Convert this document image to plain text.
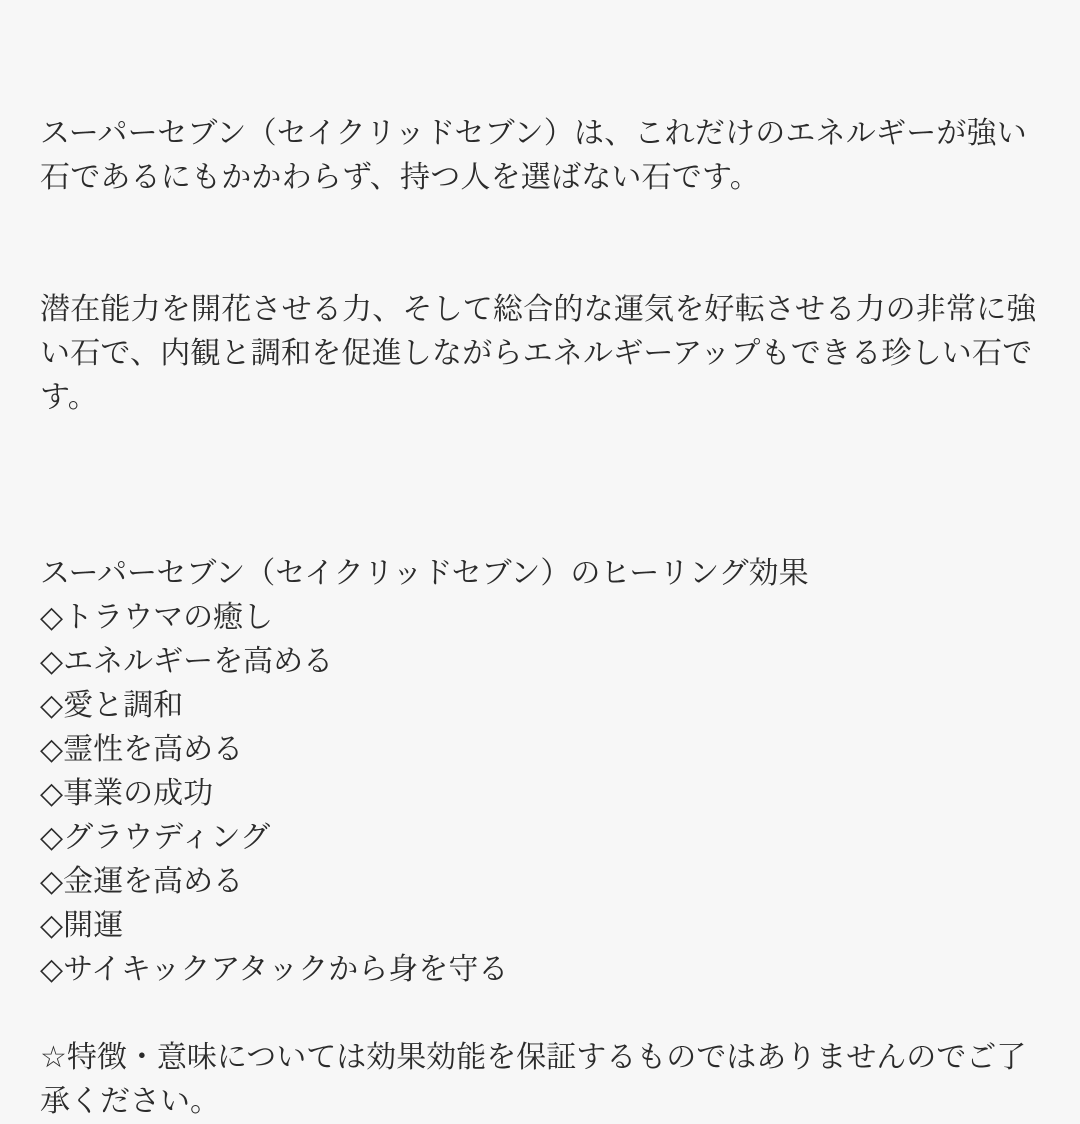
スーパーセブン（セイクリッドセブン）は、これだけのエネルギーが強い石であるにもかかわらず、持つ人を選ばない石です。

潜在能力を開花させる力、そして総合的な運気を好転させる力の非常に強い石で、内観と調和を促進しながらエネルギーアップもできる珍しい石です。

スーパーセブン（セイクリッドセブン）のヒーリング効果
◇トラウマの癒し
◇エネルギーを高める
◇愛と調和
◇霊性を高める
◇事業の成功
◇グラウディング
◇金運を高める
◇開運
◇サイキックアタックから身を守る
☆特徴・意味については効果効能を保証するものではありませんのでご了承ください。
